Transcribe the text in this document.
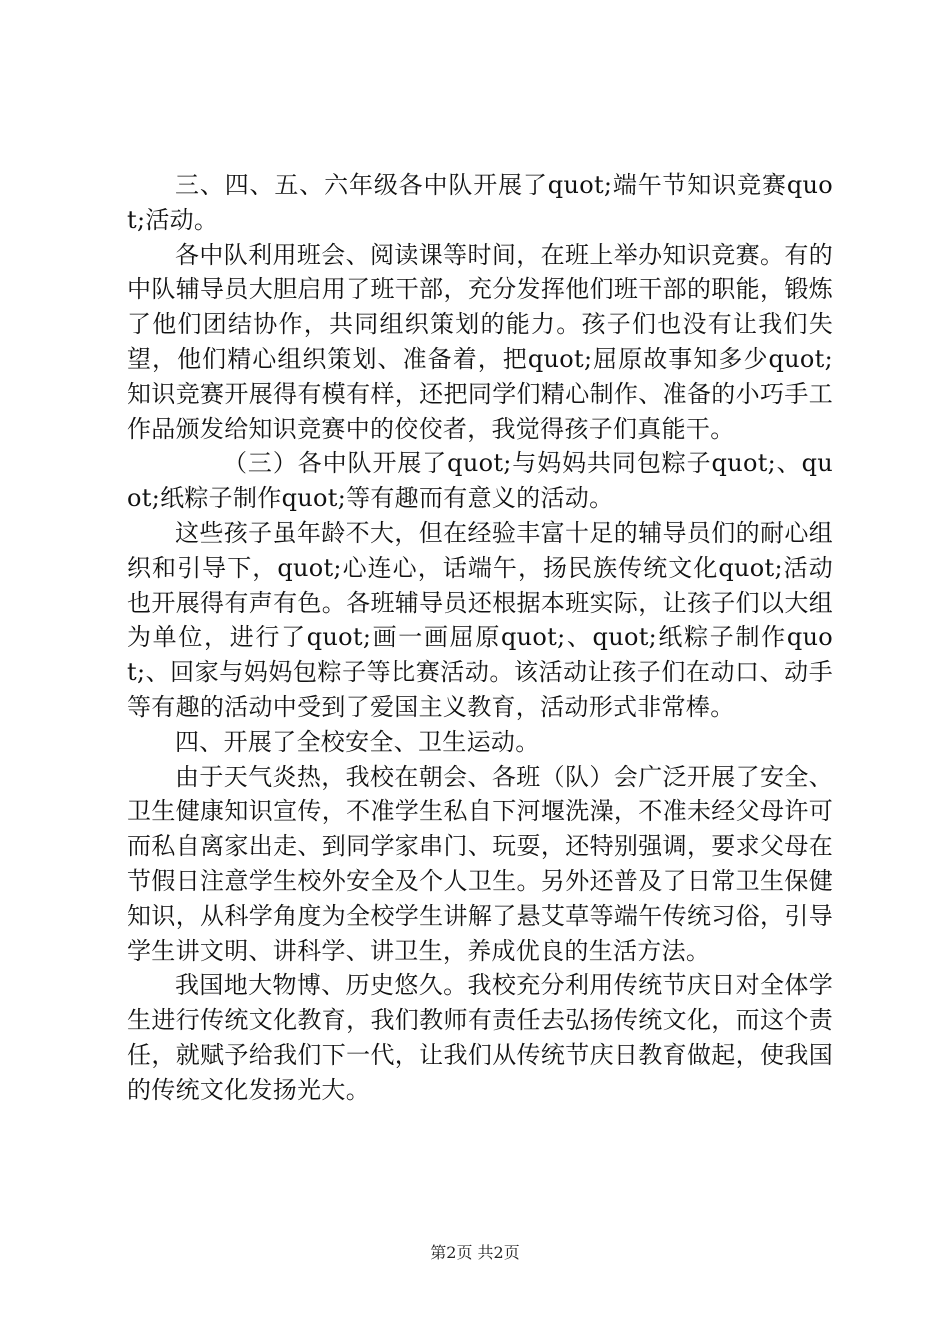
三、四、五、六年级各中队开展了quot;端午节知识竞赛quot;活动。

各中队利用班会、阅读课等时间，在班上举办知识竞赛。有的中队辅导员大胆启用了班干部，充分发挥他们班干部的职能，锻炼了他们团结协作，共同组织策划的能力。孩子们也没有让我们失望，他们精心组织策划、准备着，把quot;屈原故事知多少quot;知识竞赛开展得有模有样，还把同学们精心制作、准备的小巧手工作品颁发给知识竞赛中的佼佼者，我觉得孩子们真能干。

（三）各中队开展了quot;与妈妈共同包粽子quot;、quot;纸粽子制作quot;等有趣而有意义的活动。

这些孩子虽年龄不大，但在经验丰富十足的辅导员们的耐心组织和引导下，quot;心连心，话端午，扬民族传统文化quot;活动也开展得有声有色。各班辅导员还根据本班实际，让孩子们以大组为单位，进行了quot;画一画屈原quot;、quot;纸粽子制作quot;、回家与妈妈包粽子等比赛活动。该活动让孩子们在动口、动手等有趣的活动中受到了爱国主义教育，活动形式非常棒。

四、开展了全校安全、卫生运动。

由于天气炎热，我校在朝会、各班（队）会广泛开展了安全、卫生健康知识宣传，不准学生私自下河堰洗澡，不准未经父母许可而私自离家出走、到同学家串门、玩耍，还特别强调，要求父母在节假日注意学生校外安全及个人卫生。另外还普及了日常卫生保健知识，从科学角度为全校学生讲解了悬艾草等端午传统习俗，引导学生讲文明、讲科学、讲卫生，养成优良的生活方法。

我国地大物博、历史悠久。我校充分利用传统节庆日对全体学生进行传统文化教育，我们教师有责任去弘扬传统文化，而这个责任，就赋予给我们下一代，让我们从传统节庆日教育做起，使我国的传统文化发扬光大。

第2页 共2页
